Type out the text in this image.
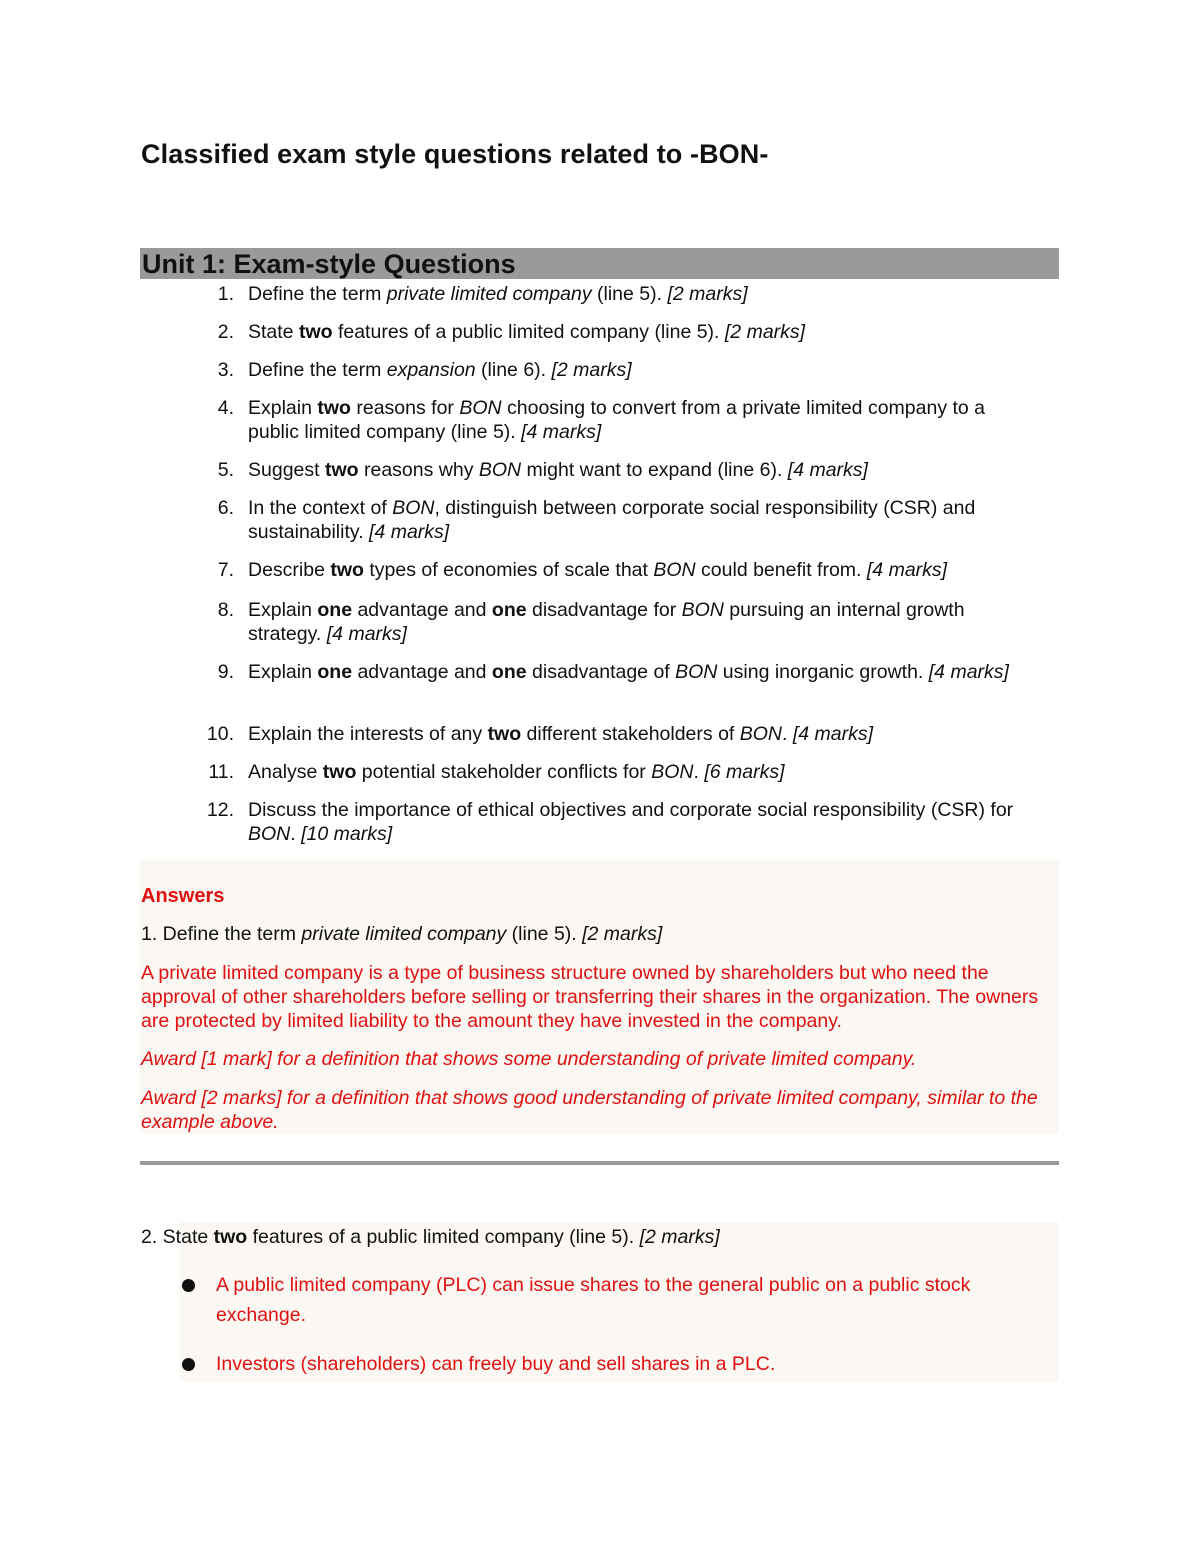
Classified exam style questions related to -BON-
Unit 1: Exam-style Questions
1. Define the term private limited company (line 5). [2 marks]
2. State two features of a public limited company (line 5). [2 marks]
3. Define the term expansion (line 6). [2 marks]
4. Explain two reasons for BON choosing to convert from a private limited company to a public limited company (line 5). [4 marks]
5. Suggest two reasons why BON might want to expand (line 6). [4 marks]
6. In the context of BON, distinguish between corporate social responsibility (CSR) and sustainability. [4 marks]
7. Describe two types of economies of scale that BON could benefit from. [4 marks]
8. Explain one advantage and one disadvantage for BON pursuing an internal growth strategy. [4 marks]
9. Explain one advantage and one disadvantage of BON using inorganic growth. [4 marks]
10. Explain the interests of any two different stakeholders of BON. [4 marks]
11. Analyse two potential stakeholder conflicts for BON. [6 marks]
12. Discuss the importance of ethical objectives and corporate social responsibility (CSR) for BON. [10 marks]
Answers
1. Define the term private limited company (line 5). [2 marks]
A private limited company is a type of business structure owned by shareholders but who need the approval of other shareholders before selling or transferring their shares in the organization. The owners are protected by limited liability to the amount they have invested in the company.
Award [1 mark] for a definition that shows some understanding of private limited company.
Award [2 marks] for a definition that shows good understanding of private limited company, similar to the example above.
2. State two features of a public limited company (line 5). [2 marks]
A public limited company (PLC) can issue shares to the general public on a public stock exchange.
Investors (shareholders) can freely buy and sell shares in a PLC.
